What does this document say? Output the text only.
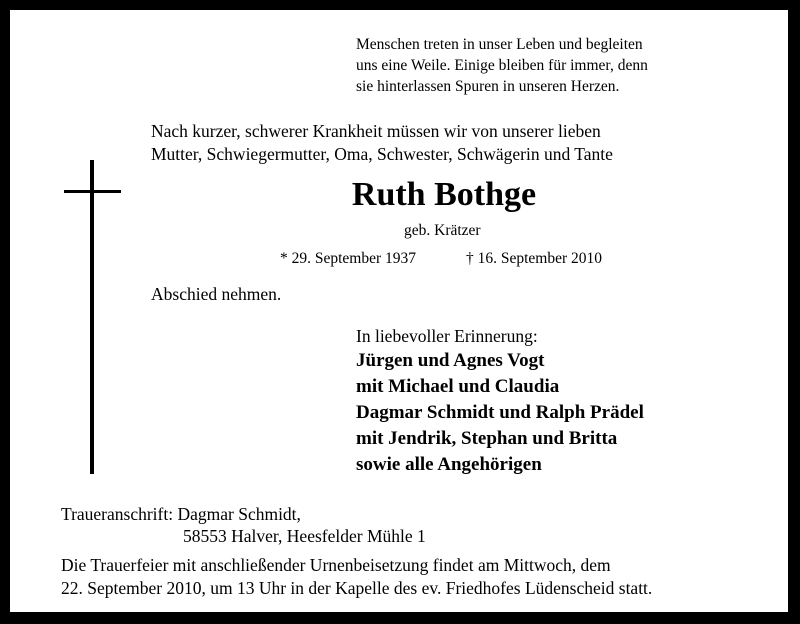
Menschen treten in unser Leben und begleiten
uns eine Weile. Einige bleiben für immer, denn
sie hinterlassen Spuren in unseren Herzen.
Nach kurzer, schwerer Krankheit müssen wir von unserer lieben
Mutter, Schwiegermutter, Oma, Schwester, Schwägerin und Tante
Ruth Bothge
geb. Krätzer
* 29. September 1937	† 16. September 2010
Abschied nehmen.
In liebevoller Erinnerung:
Jürgen und Agnes Vogt
mit Michael und Claudia
Dagmar Schmidt und Ralph Prädel
mit Jendrik, Stephan und Britta
sowie alle Angehörigen
Traueranschrift: Dagmar Schmidt,
58553 Halver, Heesfelder Mühle 1
Die Trauerfeier mit anschließender Urnenbeisetzung findet am Mittwoch, dem
22. September 2010, um 13 Uhr in der Kapelle des ev. Friedhofes Lüdenscheid statt.
